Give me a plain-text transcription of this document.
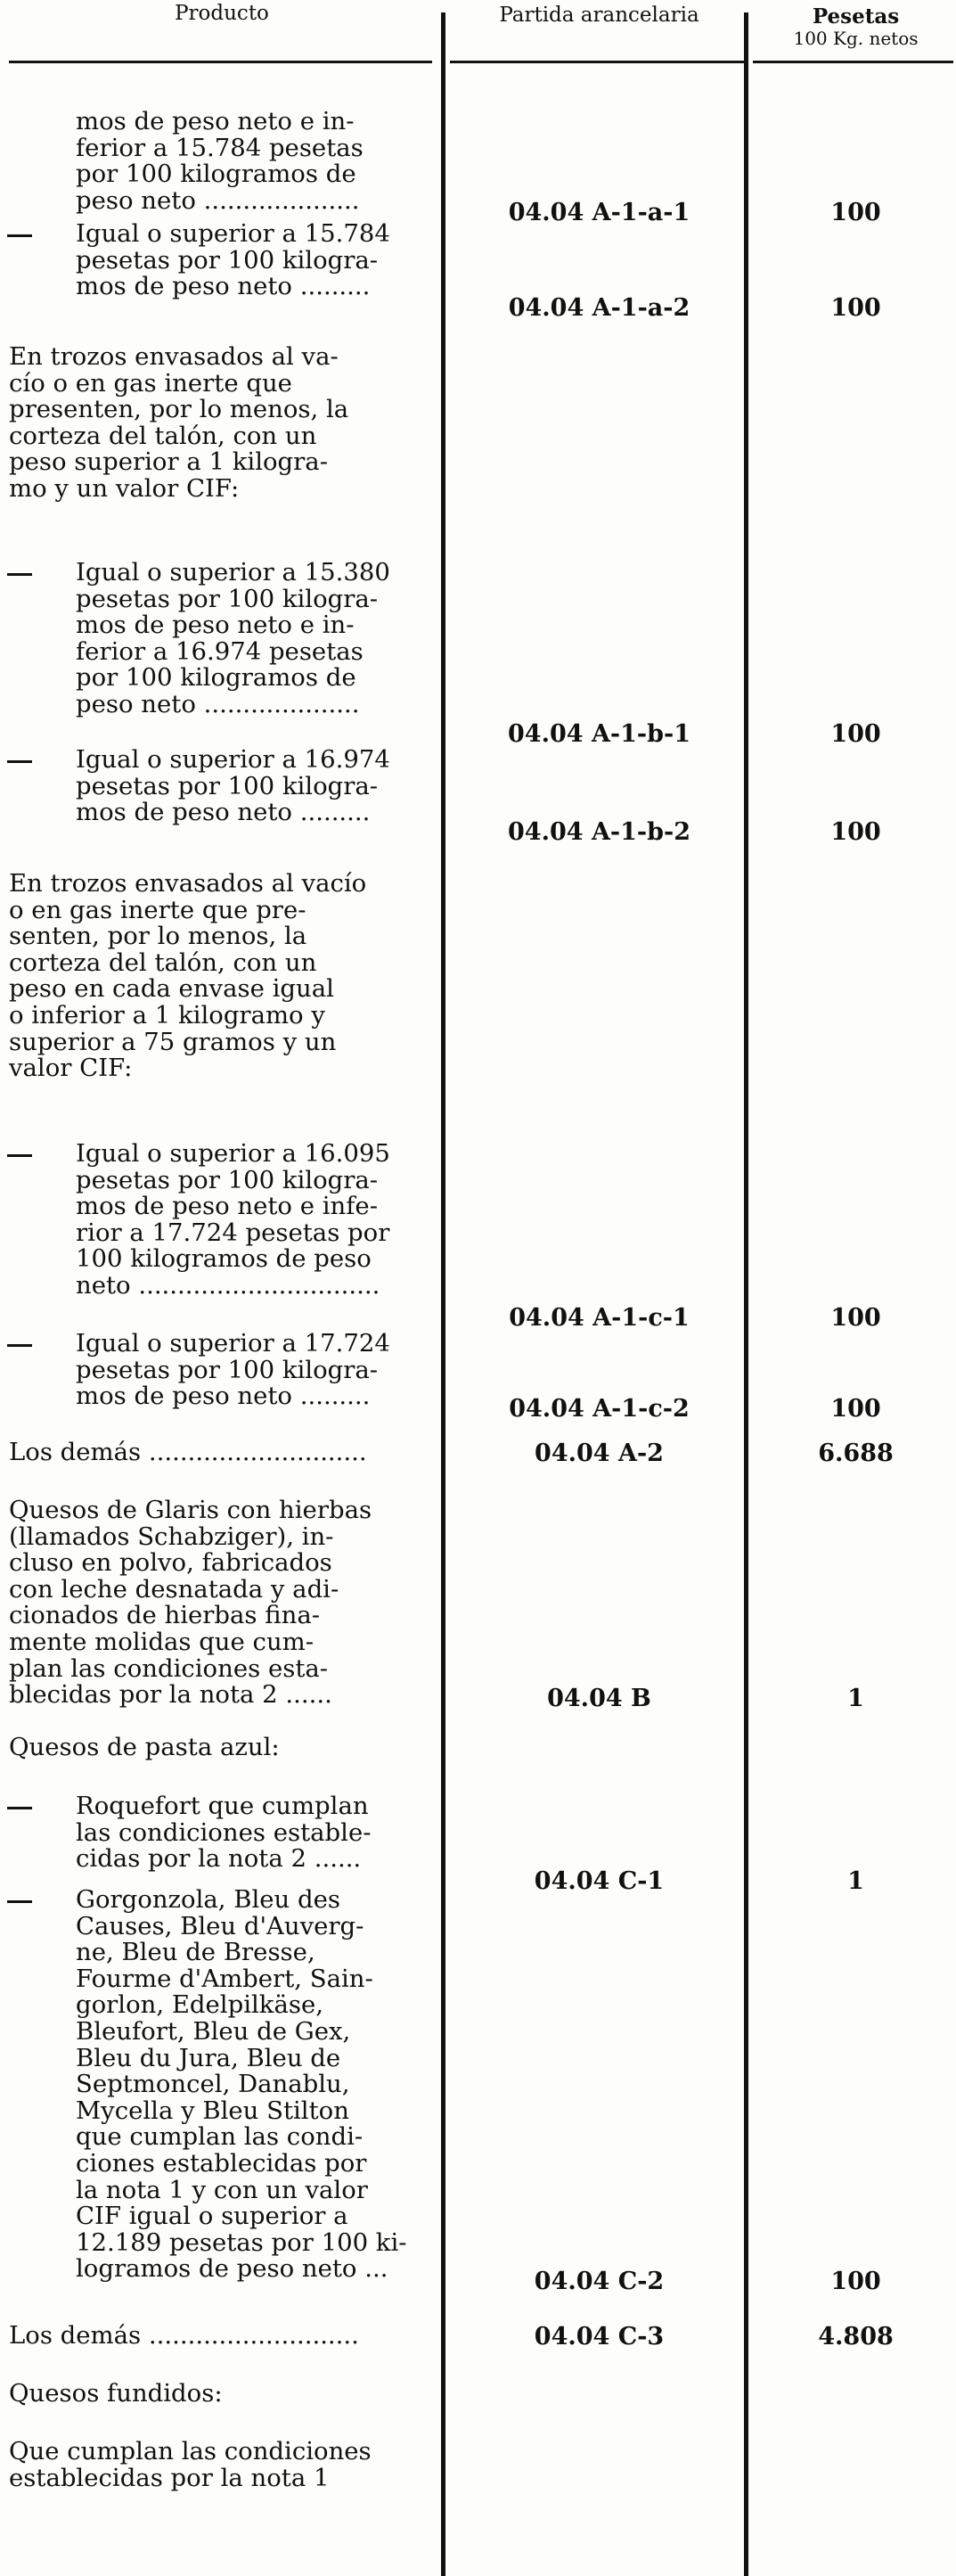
Producto	Partida arancelaria	Pesetas
100 Kg. netos
mos de peso neto e in-
ferior a 15.784 pesetas
por 100 kilogramos de
peso neto ....................	04.04 A-1-a-1	100
Igual o superior a 15.784
pesetas por 100 kilogra-
mos de peso neto .........
04.04 A-1-a-2	100
En trozos envasados al va-
cío o en gas inerte que
presenten, por lo menos, la
corteza del talón, con un
peso superior a 1 kilogra-
mo y un valor CIF:
Igual o superior a 15.380
pesetas por 100 kilogra-
mos de peso neto e in-
ferior a 16.974 pesetas
por 100 kilogramos de
peso neto ....................
04.04 A-1-b-1	100
Igual o superior a 16.974
pesetas por 100 kilogra-
mos de peso neto .........
04.04 A-1-b-2	100
En trozos envasados al vacío
o en gas inerte que pre-
senten, por lo menos, la
corteza del talón, con un
peso en cada envase igual
o inferior a 1 kilogramo y
superior a 75 gramos y un
valor CIF:
Igual o superior a 16.095
pesetas por 100 kilogra-
mos de peso neto e infe-
rior a 17.724 pesetas por
100 kilogramos de peso
neto ...............................
04.04 A-1-c-1	100
Igual o superior a 17.724
pesetas por 100 kilogra-
mos de peso neto .........	04.04 A-1-c-2	100
Los demás ............................	04.04 A-2	6.688
Quesos de Glaris con hierbas
(llamados Schabziger), in-
cluso en polvo, fabricados
con leche desnatada y adi-
cionados de hierbas fina-
mente molidas que cum-
plan las condiciones esta-
blecidas por la nota 2 ......	04.04 B	1
Quesos de pasta azul:
Roquefort que cumplan
las condiciones estable-
cidas por la nota 2 ......
04.04 C-1	1
Gorgonzola, Bleu des
Causes, Bleu d'Auverg-
ne, Bleu de Bresse,
Fourme d'Ambert, Sain-
gorlon, Edelpilkäse,
Bleufort, Bleu de Gex,
Bleu du Jura, Bleu de
Septmoncel, Danablu,
Mycella y Bleu Stilton
que cumplan las condi-
ciones establecidas por
la nota 1 y con un valor
CIF igual o superior a
12.189 pesetas por 100 ki-
logramos de peso neto ...	04.04 C-2	100
Los demás ...........................	04.04 C-3	4.808
Quesos fundidos:
Que cumplan las condiciones
establecidas por la nota 1
